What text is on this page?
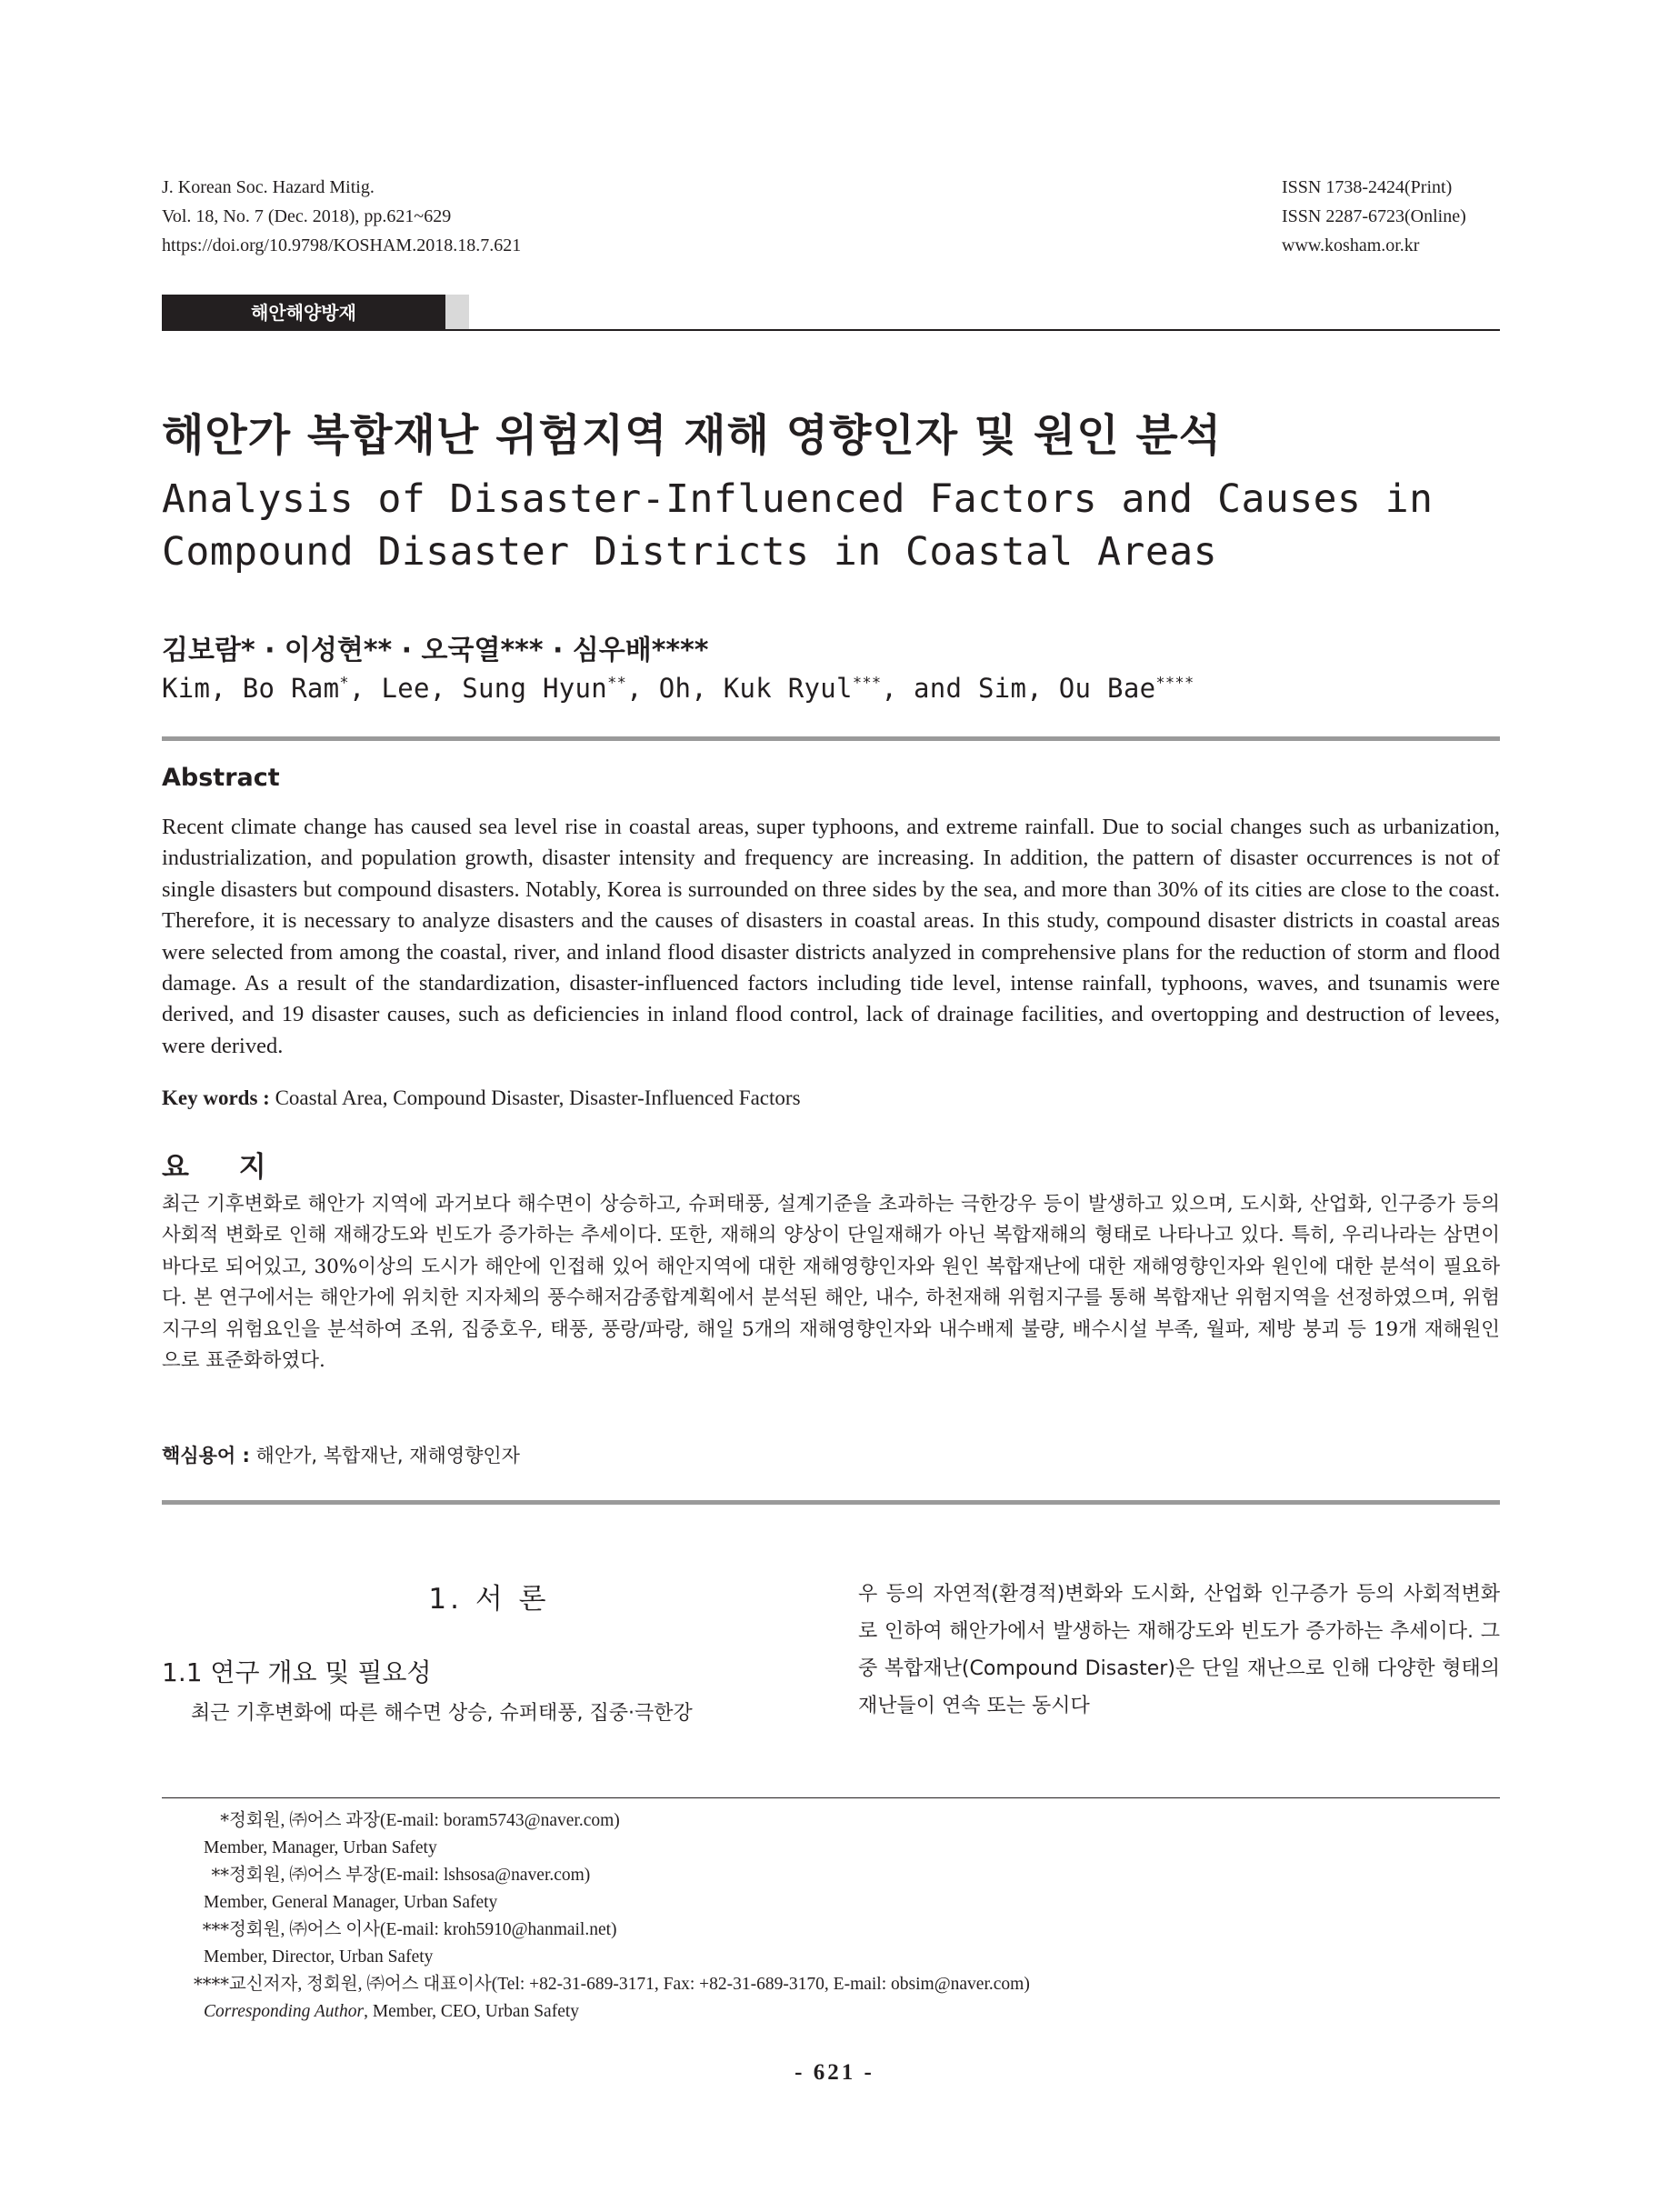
J. Korean Soc. Hazard Mitig.
Vol. 18, No. 7 (Dec. 2018), pp.621~629
https://doi.org/10.9798/KOSHAM.2018.18.7.621
ISSN 1738-2424(Print)
ISSN 2287-6723(Online)
www.kosham.or.kr
해안해양방재
해안가 복합재난 위험지역 재해 영향인자 및 원인 분석
Analysis of Disaster-Influenced Factors and Causes in
Compound Disaster Districts in Coastal Areas
김보람* · 이성현** · 오국열*** · 심우배****
Kim, Bo Ram*, Lee, Sung Hyun**, Oh, Kuk Ryul***, and Sim, Ou Bae****
Abstract
Recent climate change has caused sea level rise in coastal areas, super typhoons, and extreme rainfall. Due to social changes such as urbanization, industrialization, and population growth, disaster intensity and frequency are increasing. In addition, the pattern of disaster occurrences is not of single disasters but compound disasters. Notably, Korea is surrounded on three sides by the sea, and more than 30% of its cities are close to the coast. Therefore, it is necessary to analyze disasters and the causes of disasters in coastal areas. In this study, compound disaster districts in coastal areas were selected from among the coastal, river, and inland flood disaster districts analyzed in comprehensive plans for the reduction of storm and flood damage. As a result of the standardization, disaster-influenced factors including tide level, intense rainfall, typhoons, waves, and tsunamis were derived, and 19 disaster causes, such as deficiencies in inland flood control, lack of drainage facilities, and overtopping and destruction of levees, were derived.
Key words : Coastal Area, Compound Disaster, Disaster-Influenced Factors
요 지
최근 기후변화로 해안가 지역에 과거보다 해수면이 상승하고, 슈퍼태풍, 설계기준을 초과하는 극한강우 등이 발생하고 있으며, 도시화, 산업화, 인구증가 등의 사회적 변화로 인해 재해강도와 빈도가 증가하는 추세이다. 또한, 재해의 양상이 단일재해가 아닌 복합재해의 형태로 나타나고 있다. 특히, 우리나라는 삼면이 바다로 되어있고, 30%이상의 도시가 해안에 인접해 있어 해안지역에 대한 재해영향인자와 원인 복합재난에 대한 재해영향인자와 원인에 대한 분석이 필요하다. 본 연구에서는 해안가에 위치한 지자체의 풍수해저감종합계획에서 분석된 해안, 내수, 하천재해 위험지구를 통해 복합재난 위험지역을 선정하였으며, 위험지구의 위험요인을 분석하여 조위, 집중호우, 태풍, 풍랑/파랑, 해일 5개의 재해영향인자와 내수배제 불량, 배수시설 부족, 월파, 제방 붕괴 등 19개 재해원인으로 표준화하였다.
핵심용어 : 해안가, 복합재난, 재해영향인자
1. 서 론
1.1 연구 개요 및 필요성
최근 기후변화에 따른 해수면 상승, 슈퍼태풍, 집중·극한강
우 등의 자연적(환경적)변화와 도시화, 산업화 인구증가 등의 사회적변화로 인하여 해안가에서 발생하는 재해강도와 빈도가 증가하는 추세이다. 그 중 복합재난(Compound Disaster)은 단일 재난으로 인해 다양한 형태의 재난들이 연속 또는 동시다
* 정회원, ㈜어스 과장(E-mail: boram5743@naver.com)
Member, Manager, Urban Safety
** 정회원, ㈜어스 부장(E-mail: lshsosa@naver.com)
Member, General Manager, Urban Safety
*** 정회원, ㈜어스 이사(E-mail: kroh5910@hanmail.net)
Member, Director, Urban Safety
**** 교신저자, 정회원, ㈜어스 대표이사(Tel: +82-31-689-3171, Fax: +82-31-689-3170, E-mail: obsim@naver.com)
Corresponding Author , Member, CEO, Urban Safety
- 621 -
